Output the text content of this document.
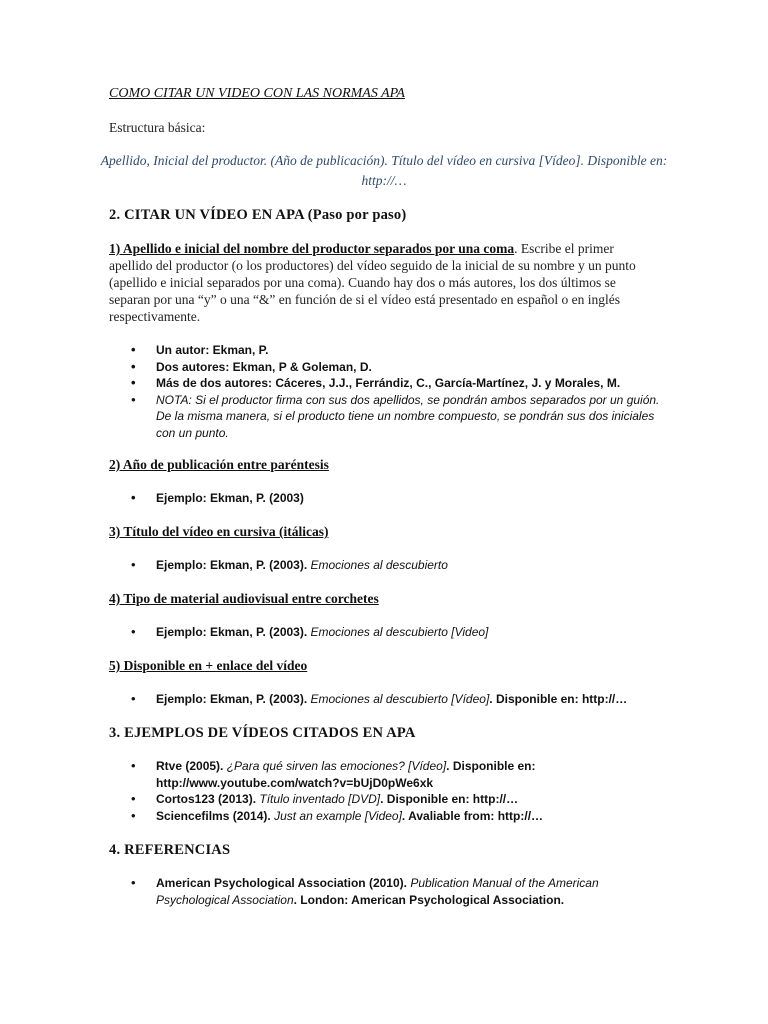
COMO CITAR UN VIDEO CON LAS NORMAS APA
Estructura básica:
Apellido, Inicial del productor. (Año de publicación). Título del vídeo en cursiva [Vídeo]. Disponible en: http://…
2. CITAR UN VÍDEO EN APA (Paso por paso)
1) Apellido e inicial del nombre del productor separados por una coma. Escribe el primer apellido del productor (o los productores) del vídeo seguido de la inicial de su nombre y un punto (apellido e inicial separados por una coma). Cuando hay dos o más autores, los dos últimos se separan por una “y” o una “&” en función de si el vídeo está presentado en español o en inglés respectivamente.
• Un autor: Ekman, P.
• Dos autores: Ekman, P & Goleman, D.
• Más de dos autores: Cáceres, J.J., Ferrándiz, C., García-Martínez, J. y Morales, M.
• NOTA: Si el productor firma con sus dos apellidos, se pondrán ambos separados por un guión. De la misma manera, si el producto tiene un nombre compuesto, se pondrán sus dos iniciales con un punto.
2) Año de publicación entre paréntesis
• Ejemplo: Ekman, P. (2003)
3) Título del vídeo en cursiva (itálicas)
• Ejemplo: Ekman, P. (2003). Emociones al descubierto
4) Tipo de material audiovisual entre corchetes
• Ejemplo: Ekman, P. (2003). Emociones al descubierto [Video]
5) Disponible en + enlace del vídeo
• Ejemplo: Ekman, P. (2003). Emociones al descubierto [Vídeo]. Disponible en: http://…
3. EJEMPLOS DE VÍDEOS CITADOS EN APA
• Rtve (2005). ¿Para qué sirven las emociones? [Vídeo]. Disponible en: http://www.youtube.com/watch?v=bUjD0pWe6xk
• Cortos123 (2013). Título inventado [DVD]. Disponible en: http://…
• Sciencefilms (2014). Just an example [Video]. Avaliable from: http://…
4. REFERENCIAS
• American Psychological Association (2010). Publication Manual of the American Psychological Association. London: American Psychological Association.
